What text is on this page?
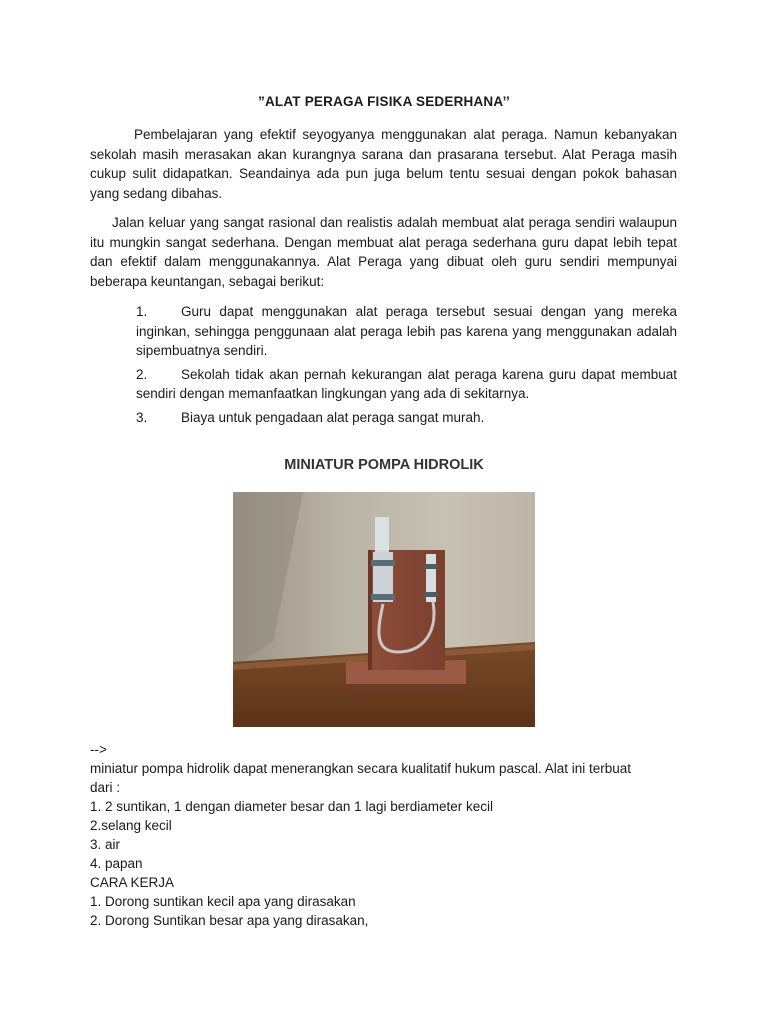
”ALAT PERAGA FISIKA SEDERHANA’’
Pembelajaran yang efektif seyogyanya menggunakan alat peraga. Namun kebanyakan sekolah masih merasakan akan kurangnya sarana dan prasarana tersebut. Alat Peraga masih cukup sulit didapatkan. Seandainya ada pun juga belum tentu sesuai dengan pokok bahasan yang sedang dibahas.
Jalan keluar yang sangat rasional dan realistis adalah membuat alat peraga sendiri walaupun itu mungkin sangat sederhana. Dengan membuat alat peraga sederhana guru dapat lebih tepat dan efektif dalam menggunakannya. Alat Peraga yang dibuat oleh guru sendiri mempunyai beberapa keuntangan, sebagai berikut:
1. Guru dapat menggunakan alat peraga tersebut sesuai dengan yang mereka inginkan, sehingga penggunaan alat peraga lebih pas karena yang menggunakan adalah sipembuatnya sendiri.
2. Sekolah tidak akan pernah kekurangan alat peraga karena guru dapat membuat sendiri dengan memanfaatkan lingkungan yang ada di sekitarnya.
3. Biaya untuk pengadaan alat peraga sangat murah.
MINIATUR POMPA HIDROLIK
-->
miniatur pompa hidrolik dapat menerangkan secara kualitatif hukum pascal. Alat ini terbuat
dari :
1. 2 suntikan, 1 dengan diameter besar dan 1 lagi berdiameter kecil
2.selang kecil
3. air
4. papan
CARA KERJA
1. Dorong suntikan kecil apa yang dirasakan
2. Dorong Suntikan besar apa yang dirasakan,
